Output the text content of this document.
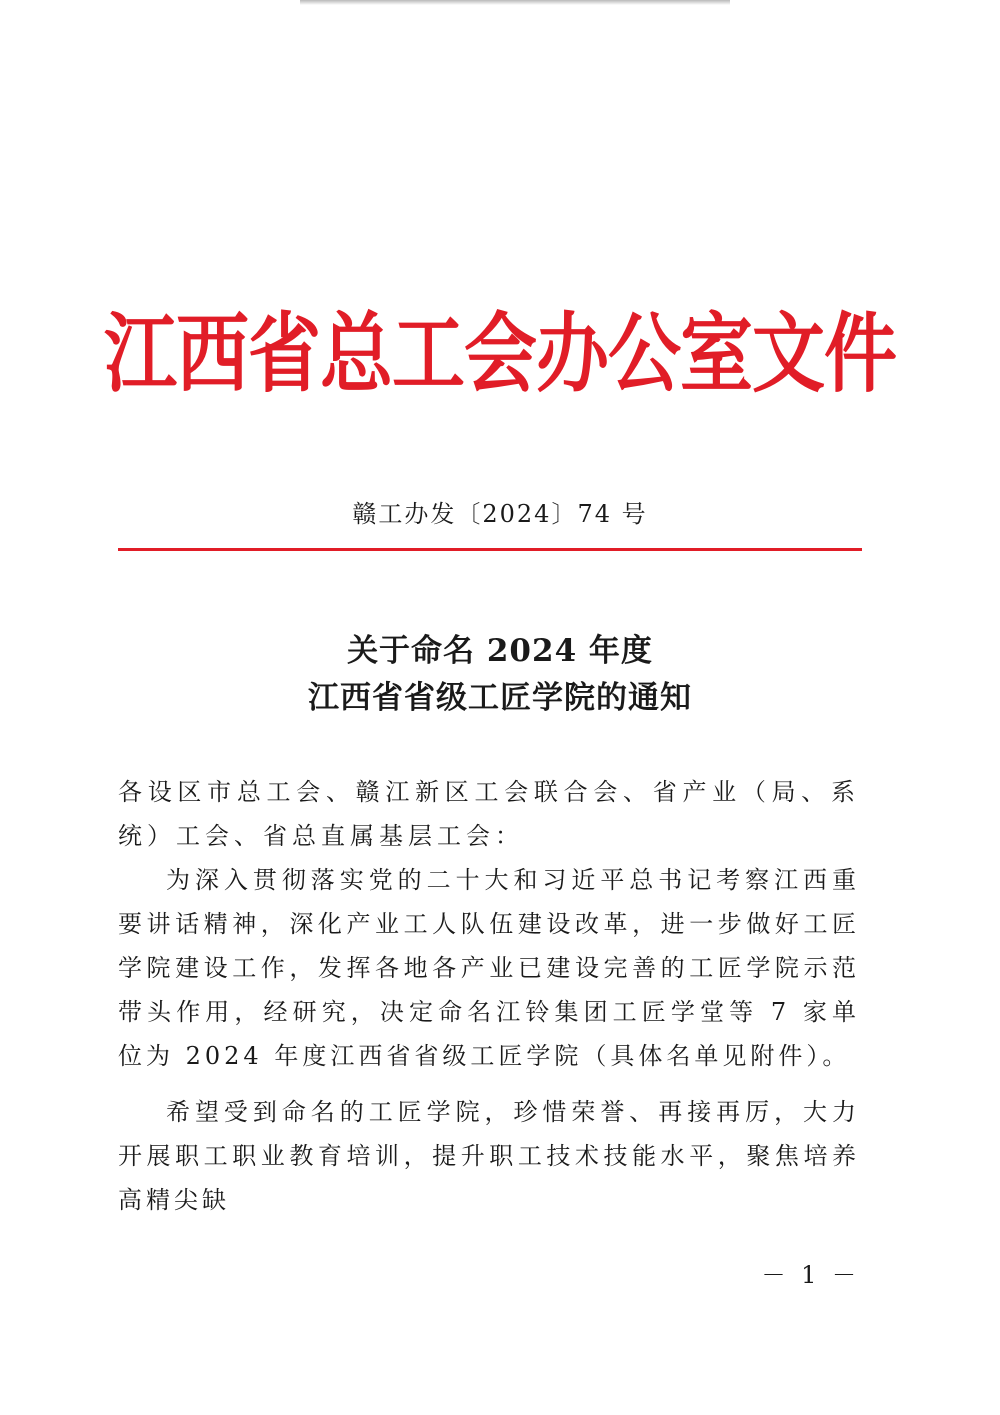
江西省总工会办公室文件
赣工办发〔2024〕74 号
关于命名 2024 年度
江西省省级工匠学院的通知
各设区市总工会、赣江新区工会联合会、省产业（局、系统）工会、省总直属基层工会：
为深入贯彻落实党的二十大和习近平总书记考察江西重要讲话精神，深化产业工人队伍建设改革，进一步做好工匠学院建设工作，发挥各地各产业已建设完善的工匠学院示范带头作用，经研究，决定命名江铃集团工匠学堂等 7 家单位为 2024 年度江西省省级工匠学院（具体名单见附件）。
希望受到命名的工匠学院，珍惜荣誉、再接再厉，大力开展职工职业教育培训，提升职工技术技能水平，聚焦培养高精尖缺
－ 1 －
